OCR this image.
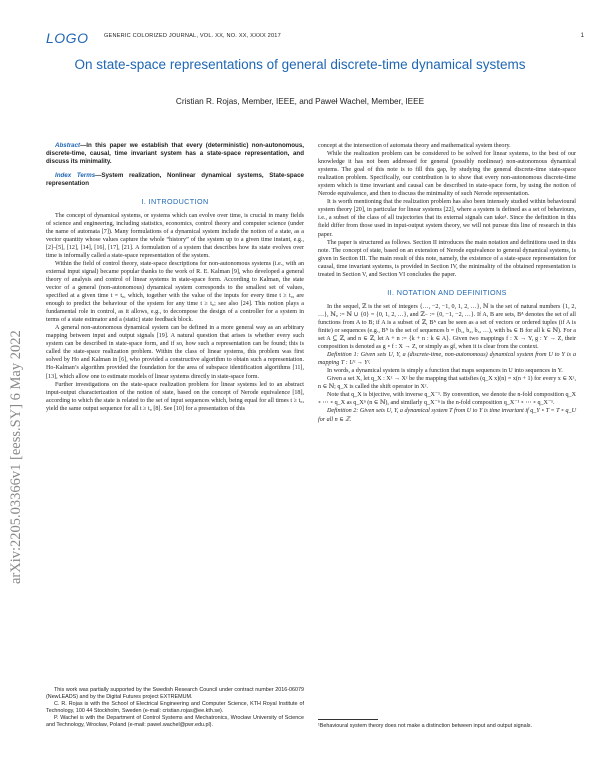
LOGO	GENERIC COLORIZED JOURNAL, VOL. XX, NO. XX, XXXX 2017	1
On state-space representations of general discrete-time dynamical systems
Cristian R. Rojas, Member, IEEE, and Paweł Wachel, Member, IEEE
arXiv:2205.03366v1 [eess.SY] 6 May 2022
Abstract—In this paper we establish that every (deterministic) non-autonomous, discrete-time, causal, time invariant system has a state-space representation, and discuss its minimality.
Index Terms—System realization, Nonlinear dynamical systems, State-space representation
I. INTRODUCTION

The concept of dynamical systems, or systems which can evolve over time, is crucial in many fields of science and engineering, including statistics, economics, control theory and computer science (under the name of automata [7]). Many formulations of a dynamical system include the notion of a state, as a vector quantity whose values capture the whole “history” of the system up to a given time instant, e.g., [2]–[5], [12], [14], [16], [17], [21]. A formulation of a system that describes how its state evolves over time is informally called a state-space representation of the system.

Within the field of control theory, state-space descriptions for non-autonomous systems (i.e., with an external input signal) became popular thanks to the work of R. E. Kalman [9], who developed a general theory of analysis and control of linear systems in state-space form. According to Kalman, the state vector of a general (non-autonomous) dynamical system corresponds to the smallest set of values, specified at a given time t = t₀, which, together with the value of the inputs for every time t ≥ t₀, are enough to predict the behaviour of the system for any time t ≥ t₀; see also [24]. This notion plays a fundamental role in control, as it allows, e.g., to decompose the design of a controller for a system in terms of a state estimator and a (static) state feedback block.

A general non-autonomous dynamical system can be defined in a more general way as an arbitrary mapping between input and output signals [19]. A natural question that arises is whether every such system can be described in state-space form, and if so, how such a representation can be found; this is called the state-space realization problem. Within the class of linear systems, this problem was first solved by Ho and Kalman in [6], who provided a constructive algorithm to obtain such a representation. Ho-Kalman’s algorithm provided the foundation for the area of subspace identification algorithms [11], [13], which allow one to estimate models of linear systems directly in state-space form.

Further investigations on the state-space realization problem for linear systems led to an abstract input-output characterization of the notion of state, based on the concept of Nerode equivalence [18], according to which the state is related to the set of input sequences which, being equal for all times t ≥ t₀, yield the same output sequence for all t ≥ t₀ [8]. See [10] for a presentation of this

This work was partially supported by the Swedish Research Council under contract number 2016-06079 (NewLEADS) and by the Digital Futures project EXTREMUM.

C. R. Rojas is with the School of Electrical Engineering and Computer Science, KTH Royal Institute of Technology, 100 44 Stockholm, Sweden (e-mail: cristian.rojas@ee.kth.se).

P. Wachel is with the Department of Control Systems and Mechatronics, Wrocław University of Science and Technology, Wrocław, Poland (e-mail: pawel.wachel@pwr.edu.pl).

concept at the intersection of automata theory and mathematical system theory.

While the realization problem can be considered to be solved for linear systems, to the best of our knowledge it has not been addressed for general (possibly nonlinear) non-autonomous dynamical systems. The goal of this note is to fill this gap, by studying the general discrete-time state-space realization problem. Specifically, our contribution is to show that every non-autonomous discrete-time system which is time invariant and causal can be described in state-space form, by using the notion of Nerode equivalence, and then to discuss the minimality of such Nerode representation.

It is worth mentioning that the realization problem has also been intensely studied within behavioural system theory [20], in particular for linear systems [22], where a system is defined as a set of behaviours, i.e., a subset of the class of all trajectories that its external signals can take¹. Since the definition in this field differ from those used in input-output system theory, we will not pursue this line of research in this paper.

The paper is structured as follows. Section II introduces the main notation and definitions used in this note. The concept of state, based on an extension of Nerode equivalence to general dynamical systems, is given in Section III. The main result of this note, namely, the existence of a state-space representation for causal, time invariant systems, is provided in Section IV, the minimality of the obtained representation is treated in Section V, and Section VI concludes the paper.

II. NOTATION AND DEFINITIONS

In the sequel, ℤ is the set of integers {…, −2, −1, 0, 1, 2, …}, ℕ is the set of natural numbers {1, 2, …}, ℕ₀ := ℕ ∪ {0} = {0, 1, 2, …}, and ℤ₋ := {0, −1, −2, …}. If A, B are sets, Bᴬ denotes the set of all functions from A to B; if A is a subset of ℤ, Bᴬ can be seen as a set of vectors or ordered tuples (if A is finite) or sequences (e.g., Bᴺ is the set of sequences b = (b₁, b₂, b₃, …), with bₖ ∈ B for all k ∈ ℕ). For a set A ⊆ ℤ, and n ∈ ℤ, let A + n := {k + n : k ∈ A}. Given two mappings f : X → Y, g : Y → Z, their composition is denoted as g ∘ f : X → Z, or simply as gf, when it is clear from the context.

Definition 1: Given sets U, Y, a (discrete-time, non-autonomous) dynamical system from U to Y is a mapping T : Uᶻ → Yᶻ.

In words, a dynamical system is simply a function that maps sequences in U into sequences in Y.

Given a set X, let q_X : Xᶻ → Xᶻ be the mapping that satisfies (q_X x)(n) = x(n + 1) for every x ∈ Xᶻ, n ∈ ℕ; q_X is called the shift operator in Xᶻ.

Note that q_X is bijective, with inverse q_X⁻¹. By convention, we denote the n-fold composition q_X ∘ ⋯ ∘ q_X as q_Xⁿ (n ∈ ℕ), and similarly q_X⁻ⁿ is the n-fold composition q_X⁻¹ ∘ ⋯ ∘ q_X⁻¹.

Definition 2: Given sets U, Y, a dynamical system T from U to Y is time invariant if q_Y ∘ T = T ∘ q_U for all n ∈ ℤ.

¹Behavioural system theory does not make a distinction between input and output signals.
